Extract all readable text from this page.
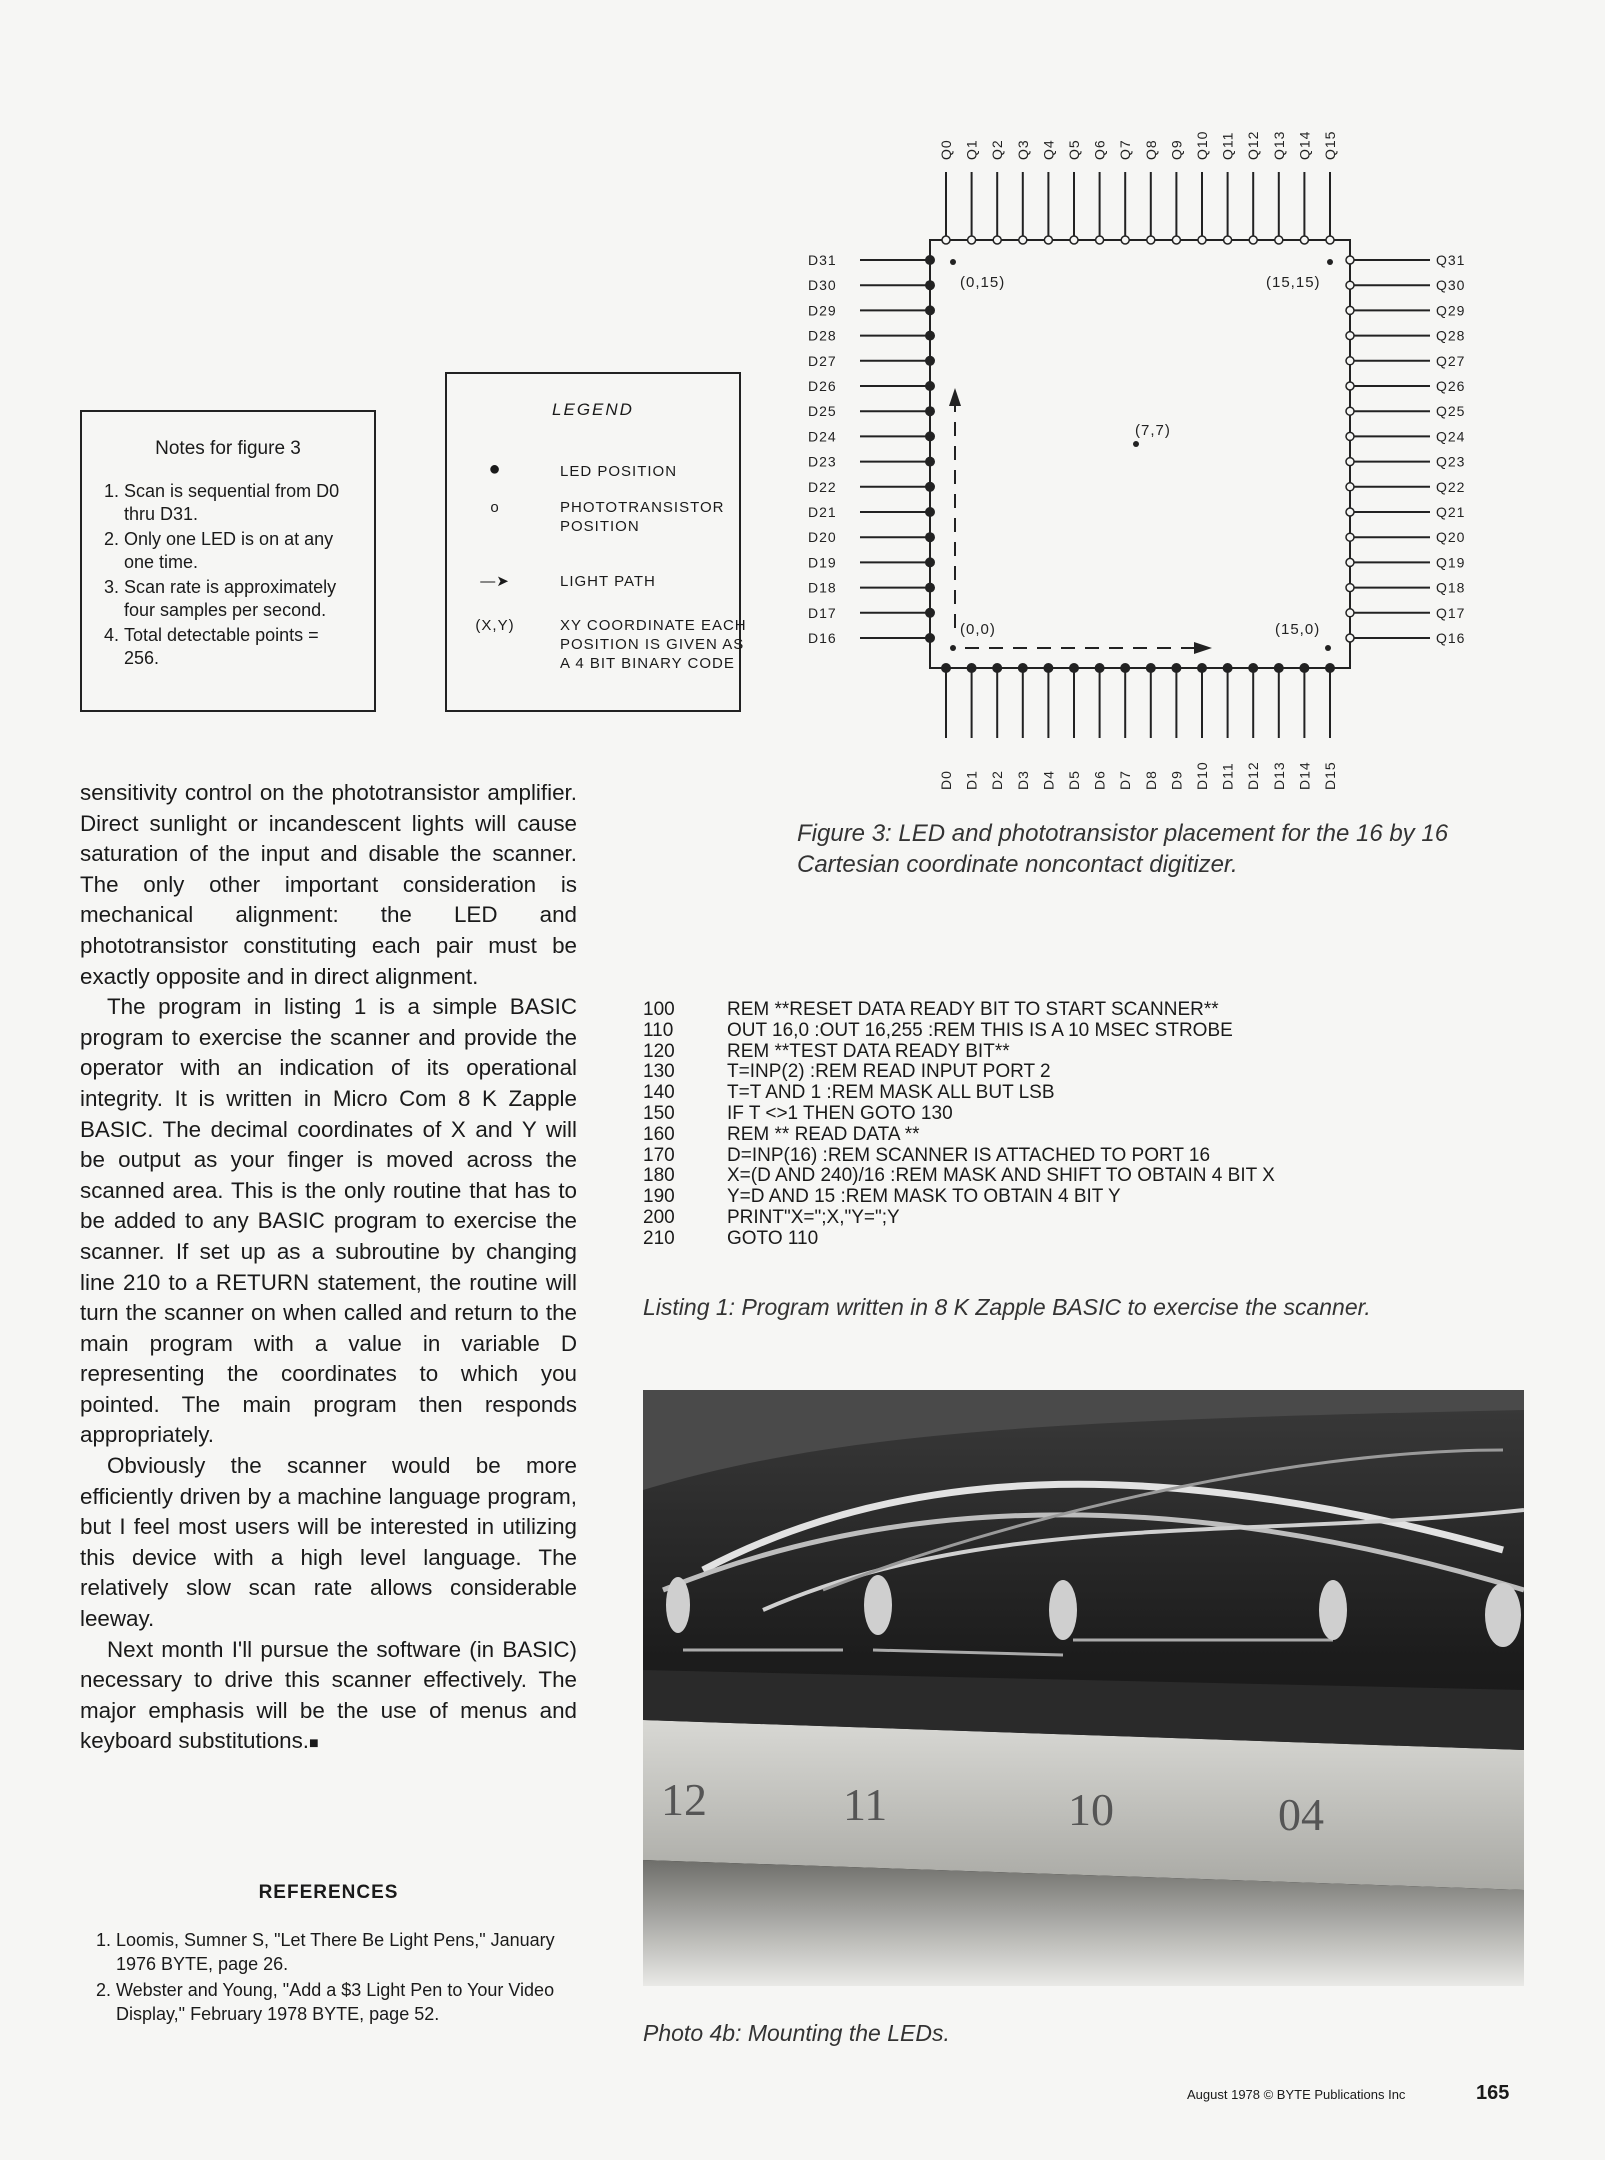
Notes for figure 3
1. Scan is sequential from D0 thru D31.
2. Only one LED is on at any one time.
3. Scan rate is approximately four samples per second.
4. Total detectable points = 256.
LEGEND
●	LED POSITION
o	PHOTOTRANSISTOR POSITION
—➤	LIGHT PATH
(X,Y)	XY COORDINATE EACH POSITION IS GIVEN AS A 4 BIT BINARY CODE
Q0
D0
Q1
D1
Q2
D2
Q3
D3
Q4
D4
Q5
D5
Q6
D6
Q7
D7
Q8
D8
Q9
D9
Q10
D10
Q11
D11
Q12
D12
Q13
D13
Q14
D14
Q15
D15
D31	Q31
D30	Q30
D29	Q29
D28	Q28
D27	Q27
D26	Q26
D25	Q25
D24	Q24
D23	Q23
D22	Q22
D21	Q21
D20	Q20
D19	Q19
D18	Q18
D17	Q17
D16	Q16
(0,15)	(15,15)
(7,7)
(0,0)	(15,0)
Figure 3: LED and phototransistor placement for the 16 by 16 Cartesian coordinate noncontact digitizer.

sensitivity control on the phototransistor amplifier. Direct sunlight or incandescent lights will cause saturation of the input and disable the scanner. The only other important consideration is mechanical alignment: the LED and phototransistor constituting each pair must be exactly opposite and in direct alignment.

The program in listing 1 is a simple BASIC program to exercise the scanner and provide the operator with an indication of its operational integrity. It is written in Micro Com 8 K Zapple BASIC. The decimal coordinates of X and Y will be output as your finger is moved across the scanned area. This is the only routine that has to be added to any BASIC program to exercise the scanner. If set up as a subroutine by changing line 210 to a RETURN statement, the routine will turn the scanner on when called and return to the main program with a value in variable D representing the coordinates to which you pointed. The main program then responds appropriately.

Obviously the scanner would be more efficiently driven by a machine language program, but I feel most users will be interested in utilizing this device with a high level language. The relatively slow scan rate allows considerable leeway.

Next month I'll pursue the software (in BASIC) necessary to drive this scanner effectively. The major emphasis will be the use of menus and keyboard substitutions.■

100	REM **RESET DATA READY BIT TO START SCANNER**
110	OUT 16,0 :OUT 16,255 :REM THIS IS A 10 MSEC STROBE
120	REM **TEST DATA READY BIT**
130	T=INP(2) :REM READ INPUT PORT 2
140	T=T AND 1 :REM MASK ALL BUT LSB
150	IF T <>1 THEN GOTO 130
160	REM ** READ DATA **
170	D=INP(16) :REM SCANNER IS ATTACHED TO PORT 16
180	X=(D AND 240)/16 :REM MASK AND SHIFT TO OBTAIN 4 BIT X
190	Y=D AND 15 :REM MASK TO OBTAIN 4 BIT Y
200	PRINT"X=";X,"Y=";Y
210	GOTO 110
Listing 1: Program written in 8 K Zapple BASIC to exercise the scanner.
12	11	10	04
Photo 4b: Mounting the LEDs.
REFERENCES
1. Loomis, Sumner S, "Let There Be Light Pens," January 1976 BYTE, page 26.
2. Webster and Young, "Add a $3 Light Pen to Your Video Display," February 1978 BYTE, page 52.
August 1978 © BYTE Publications Inc	165
